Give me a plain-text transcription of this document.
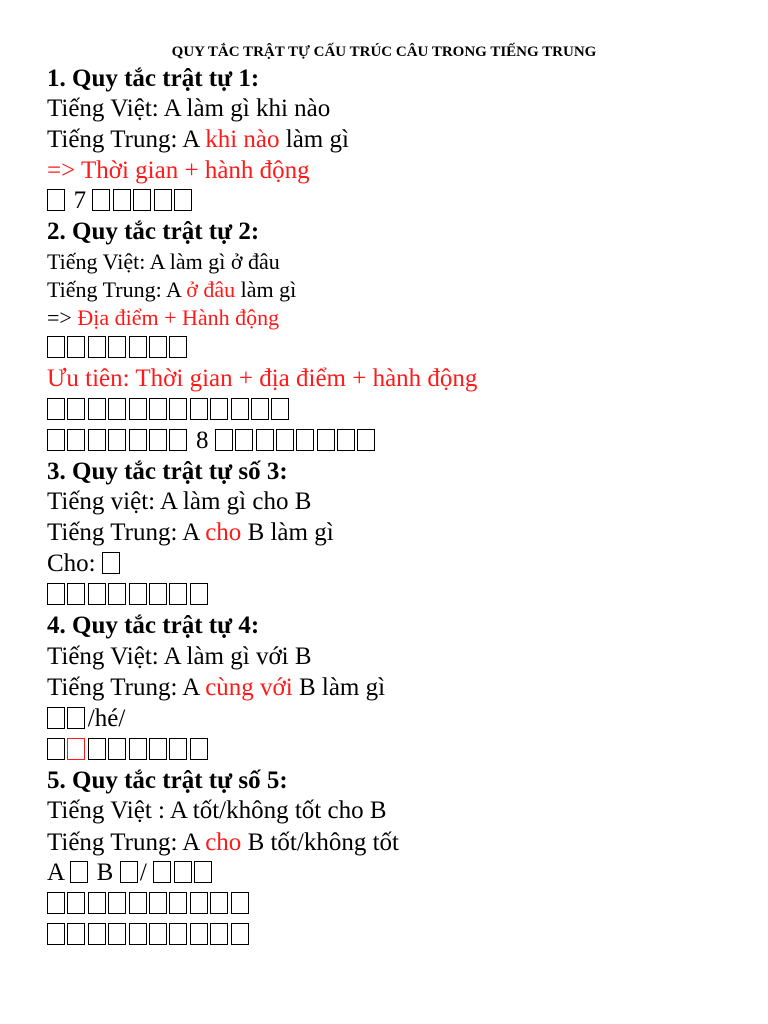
QUY TẮC TRẬT TỰ CẤU TRÚC CÂU TRONG TIẾNG TRUNG
1. Quy tắc trật tự 1:
Tiếng Việt: A làm gì khi nào
Tiếng Trung: A khi nào làm gì
=> Thời gian + hành động
7
2. Quy tắc trật tự 2:
Tiếng Việt: A làm gì ở đâu
Tiếng Trung: A ở đâu làm gì
=> Địa điểm + Hành động
Ưu tiên: Thời gian + địa điểm + hành động
8
3. Quy tắc trật tự số 3:
Tiếng việt: A làm gì cho B
Tiếng Trung: A cho B làm gì
Cho:
4. Quy tắc trật tự 4:
Tiếng Việt: A làm gì với B
Tiếng Trung: A cùng với B làm gì
/hé/
5. Quy tắc trật tự số 5:
Tiếng Việt : A tốt/không tốt cho B
Tiếng Trung: A cho B tốt/không tốt
A  B /
